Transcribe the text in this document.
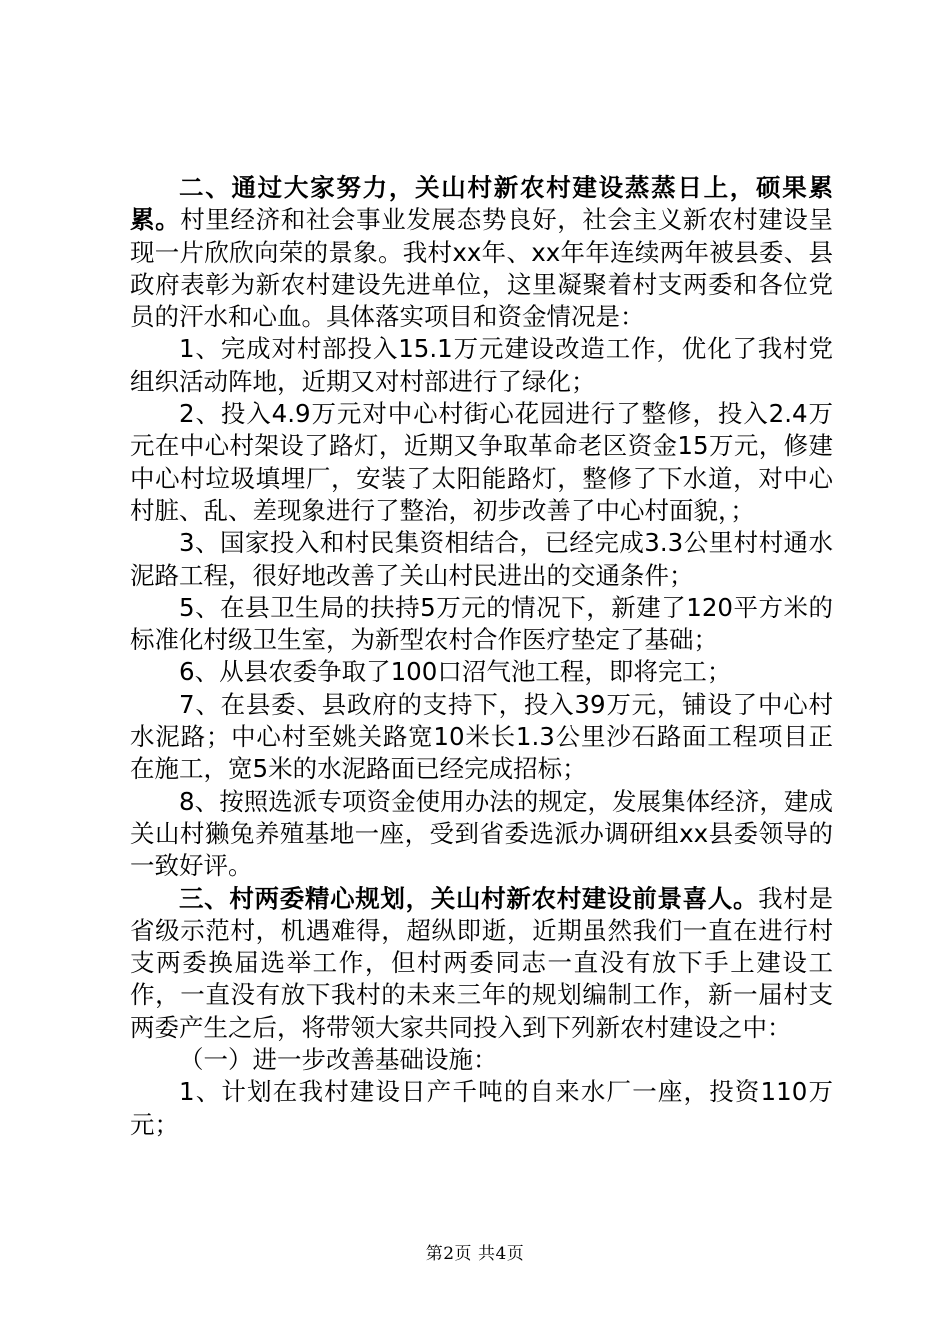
二、通过大家努力，关山村新农村建设蒸蒸日上，硕果累累。村里经济和社会事业发展态势良好，社会主义新农村建设呈现一片欣欣向荣的景象。我村xx年、xx年年连续两年被县委、县政府表彰为新农村建设先进单位，这里凝聚着村支两委和各位党员的汗水和心血。具体落实项目和资金情况是：

1、完成对村部投入15.1万元建设改造工作，优化了我村党组织活动阵地，近期又对村部进行了绿化；

2、投入4.9万元对中心村街心花园进行了整修，投入2.4万元在中心村架设了路灯，近期又争取革命老区资金15万元，修建中心村垃圾填埋厂，安装了太阳能路灯，整修了下水道，对中心村脏、乱、差现象进行了整治，初步改善了中心村面貌，；

3、国家投入和村民集资相结合，已经完成3.3公里村村通水泥路工程，很好地改善了关山村民进出的交通条件；

5、在县卫生局的扶持5万元的情况下，新建了120平方米的标准化村级卫生室，为新型农村合作医疗垫定了基础；

6、从县农委争取了100口沼气池工程，即将完工；

7、在县委、县政府的支持下，投入39万元，铺设了中心村水泥路；中心村至姚关路宽10米长1.3公里沙石路面工程项目正在施工，宽5米的水泥路面已经完成招标；

8、按照选派专项资金使用办法的规定，发展集体经济，建成关山村獭兔养殖基地一座，受到省委选派办调研组xx县委领导的一致好评。

三、村两委精心规划，关山村新农村建设前景喜人。我村是省级示范村，机遇难得，超纵即逝，近期虽然我们一直在进行村支两委换届选举工作，但村两委同志一直没有放下手上建设工作，一直没有放下我村的未来三年的规划编制工作，新一届村支两委产生之后，将带领大家共同投入到下列新农村建设之中：

（一）进一步改善基础设施：

1、计划在我村建设日产千吨的自来水厂一座，投资110万元；

第2页 共4页
